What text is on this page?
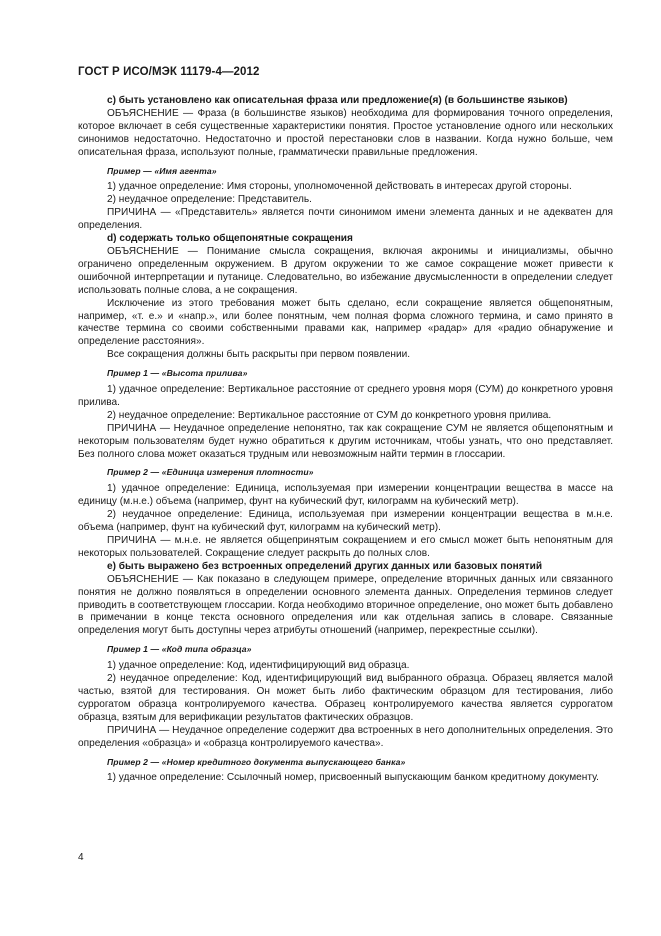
ГОСТ Р ИСО/МЭК 11179-4—2012

c) быть установлено как описательная фраза или предложение(я) (в большинстве языков)

ОБЪЯСНЕНИЕ — Фраза (в большинстве языков) необходима для формирования точного определения, которое включает в себя существенные характеристики понятия. Простое установление одного или нескольких синонимов недостаточно. Недостаточно и простой перестановки слов в названии. Когда нужно больше, чем описательная фраза, используют полные, грамматически правильные предложения.

Пример — «Имя агента»

1) удачное определение: Имя стороны, уполномоченной действовать в интересах другой стороны.

2) неудачное определение: Представитель.

ПРИЧИНА — «Представитель» является почти синонимом имени элемента данных и не адекватен для определения.

d) содержать только общепонятные сокращения

ОБЪЯСНЕНИЕ — Понимание смысла сокращения, включая акронимы и инициализмы, обычно ограничено определенным окружением. В другом окружении то же самое сокращение может привести к ошибочной интерпретации и путанице. Следовательно, во избежание двусмысленности в определении следует использовать полные слова, а не сокращения.

Исключение из этого требования может быть сделано, если сокращение является общепонятным, например, «т. е.» и «напр.», или более понятным, чем полная форма сложного термина, и само принято в качестве термина со своими собственными правами как, например «радар» для «радио обнаружение и определение расстояния».

Все сокращения должны быть раскрыты при первом появлении.

Пример 1 — «Высота прилива»

1) удачное определение: Вертикальное расстояние от среднего уровня моря (СУМ) до конкретного уровня прилива.

2) неудачное определение: Вертикальное расстояние от СУМ до конкретного уровня прилива.

ПРИЧИНА — Неудачное определение непонятно, так как сокращение СУМ не является общепонятным и некоторым пользователям будет нужно обратиться к другим источникам, чтобы узнать, что оно представляет. Без полного слова может оказаться трудным или невозможным найти термин в глоссарии.

Пример 2 — «Единица измерения плотности»

1) удачное определение: Единица, используемая при измерении концентрации вещества в массе на единицу (м.н.е.) объема (например, фунт на кубический фут, килограмм на кубический метр).

2) неудачное определение: Единица, используемая при измерении концентрации вещества в м.н.е. объема (например, фунт на кубический фут, килограмм на кубический метр).

ПРИЧИНА — м.н.е. не является общепринятым сокращением и его смысл может быть непонятным для некоторых пользователей. Сокращение следует раскрыть до полных слов.

e) быть выражено без встроенных определений других данных или базовых понятий

ОБЪЯСНЕНИЕ — Как показано в следующем примере, определение вторичных данных или связанного понятия не должно появляться в определении основного элемента данных. Определения терминов следует приводить в соответствующем глоссарии. Когда необходимо вторичное определение, оно может быть добавлено в примечании в конце текста основного определения или как отдельная запись в словаре. Связанные определения могут быть доступны через атрибуты отношений (например, перекрестные ссылки).

Пример 1 — «Код типа образца»

1) удачное определение: Код, идентифицирующий вид образца.

2) неудачное определение: Код, идентифицирующий вид выбранного образца. Образец является малой частью, взятой для тестирования. Он может быть либо фактическим образцом для тестирования, либо суррогатом образца контролируемого качества. Образец контролируемого качества является суррогатом образца, взятым для верификации результатов фактических образцов.

ПРИЧИНА — Неудачное определение содержит два встроенных в него дополнительных определения. Это определения «образца» и «образца контролируемого качества».

Пример 2 — «Номер кредитного документа выпускающего банка»

1) удачное определение: Ссылочный номер, присвоенный выпускающим банком кредитному документу.

4
